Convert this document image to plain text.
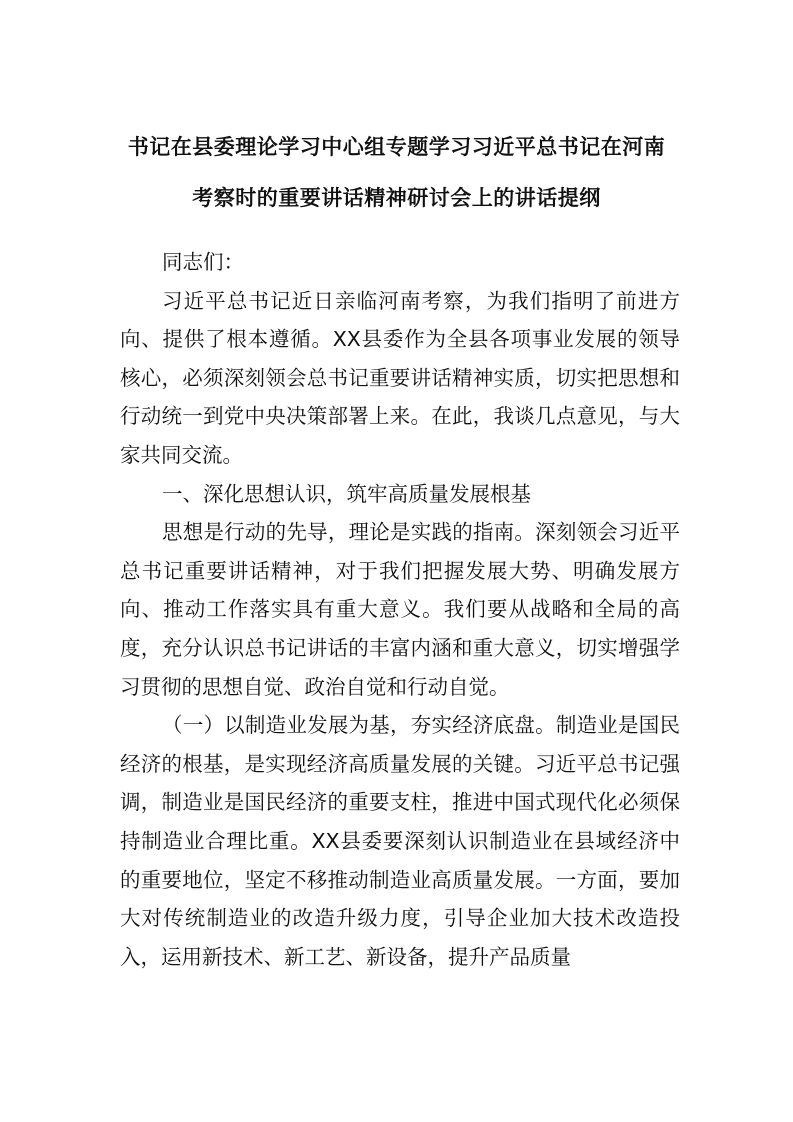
书记在县委理论学习中心组专题学习习近平总书记在河南
考察时的重要讲话精神研讨会上的讲话提纲

同志们：

习近平总书记近日亲临河南考察，为我们指明了前进方向、提供了根本遵循。XX县委作为全县各项事业发展的领导核心，必须深刻领会总书记重要讲话精神实质，切实把思想和行动统一到党中央决策部署上来。在此，我谈几点意见，与大家共同交流。

一、深化思想认识，筑牢高质量发展根基

思想是行动的先导，理论是实践的指南。深刻领会习近平总书记重要讲话精神，对于我们把握发展大势、明确发展方向、推动工作落实具有重大意义。我们要从战略和全局的高度，充分认识总书记讲话的丰富内涵和重大意义，切实增强学习贯彻的思想自觉、政治自觉和行动自觉。

（一）以制造业发展为基，夯实经济底盘。制造业是国民经济的根基，是实现经济高质量发展的关键。习近平总书记强调，制造业是国民经济的重要支柱，推进中国式现代化必须保持制造业合理比重。XX县委要深刻认识制造业在县域经济中的重要地位，坚定不移推动制造业高质量发展。一方面，要加大对传统制造业的改造升级力度，引导企业加大技术改造投入，运用新技术、新工艺、新设备，提升产品质量
